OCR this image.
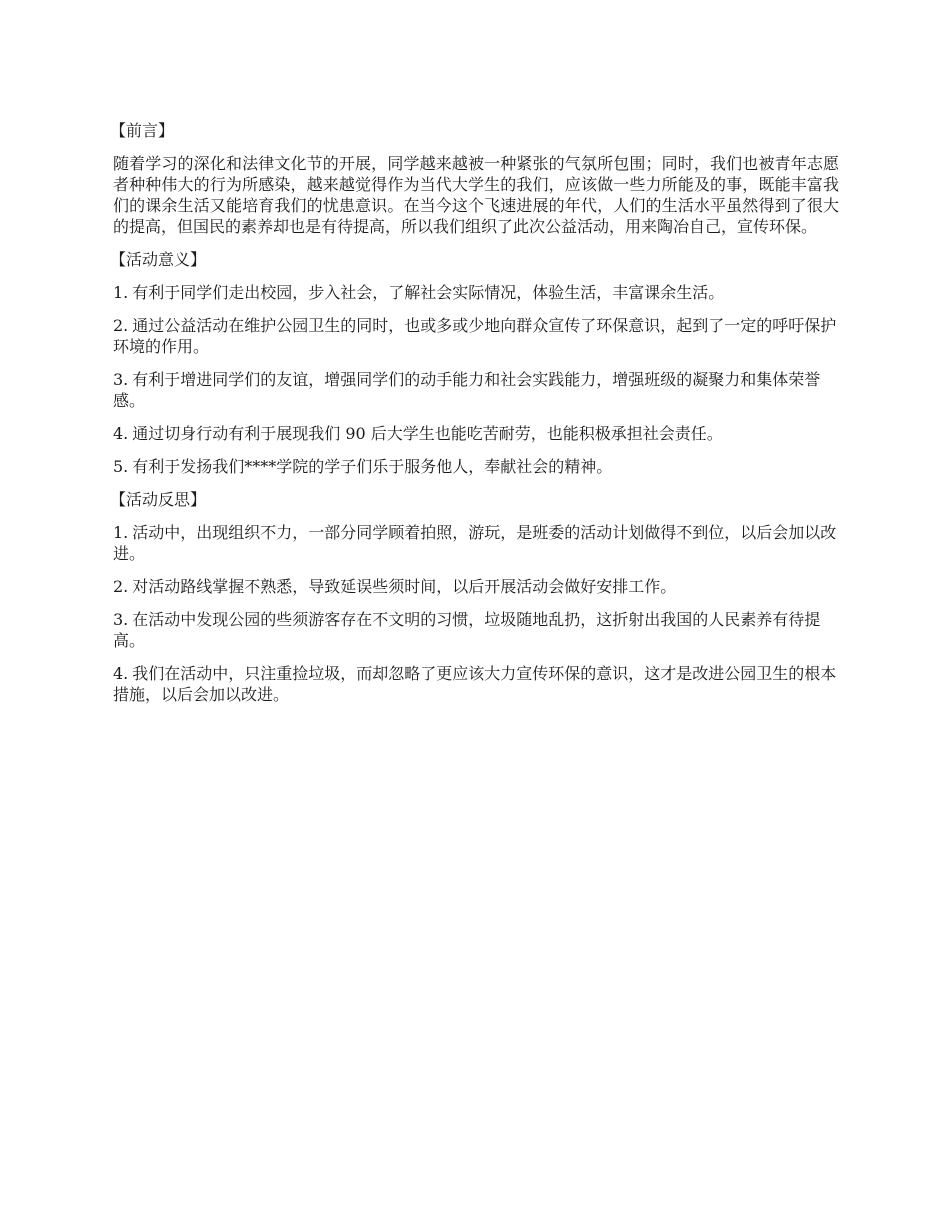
【前言】

随着学习的深化和法律文化节的开展，同学越来越被一种紧张的气氛所包围；同时，我们也被青年志愿者种种伟大的行为所感染，越来越觉得作为当代大学生的我们，应该做一些力所能及的事，既能丰富我们的课余生活又能培育我们的忧患意识。在当今这个飞速进展的年代，人们的生活水平虽然得到了很大的提高，但国民的素养却也是有待提高，所以我们组织了此次公益活动，用来陶冶自己，宣传环保。

【活动意义】

1. 有利于同学们走出校园，步入社会，了解社会实际情况，体验生活，丰富课余生活。

2. 通过公益活动在维护公园卫生的同时，也或多或少地向群众宣传了环保意识，起到了一定的呼吁保护环境的作用。

3. 有利于增进同学们的友谊，增强同学们的动手能力和社会实践能力，增强班级的凝聚力和集体荣誉感。

4. 通过切身行动有利于展现我们 90 后大学生也能吃苦耐劳，也能积极承担社会责任。

5. 有利于发扬我们****学院的学子们乐于服务他人，奉献社会的精神。

【活动反思】

1. 活动中，出现组织不力，一部分同学顾着拍照，游玩，是班委的活动计划做得不到位，以后会加以改进。

2. 对活动路线掌握不熟悉，导致延误些须时间，以后开展活动会做好安排工作。

3. 在活动中发现公园的些须游客存在不文明的习惯，垃圾随地乱扔，这折射出我国的人民素养有待提高。

4. 我们在活动中，只注重捡垃圾，而却忽略了更应该大力宣传环保的意识，这才是改进公园卫生的根本措施，以后会加以改进。
